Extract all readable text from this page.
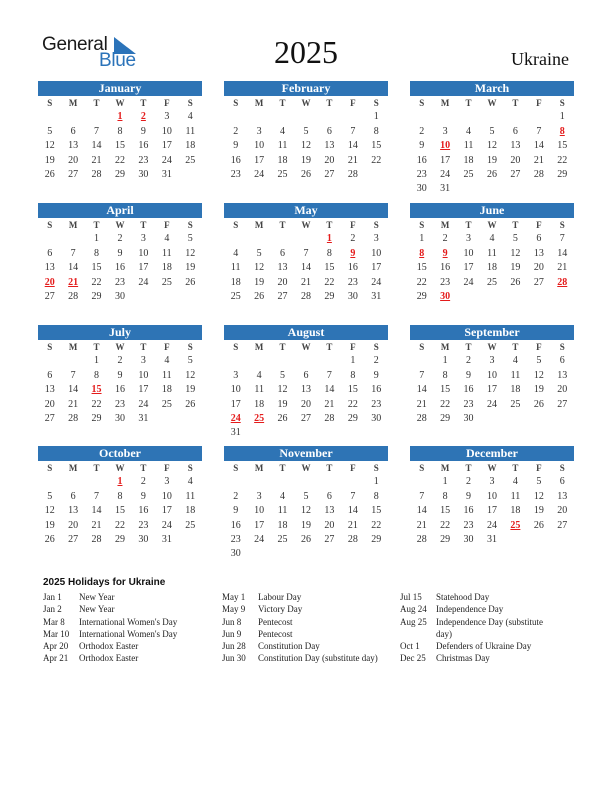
General
Blue	2025	Ukraine
January
S	M	T	W	T	F	S
			1	2	3	4
5	6	7	8	9	10	11
12	13	14	15	16	17	18
19	20	21	22	23	24	25
26	27	28	29	30	31	

February
S	M	T	W	T	F	S
						1
2	3	4	5	6	7	8
9	10	11	12	13	14	15
16	17	18	19	20	21	22
23	24	25	26	27	28	

March
S	M	T	W	T	F	S
						1
2	3	4	5	6	7	8
9	10	11	12	13	14	15
16	17	18	19	20	21	22
23	24	25	26	27	28	29
30	31					
April
S	M	T	W	T	F	S
		1	2	3	4	5
6	7	8	9	10	11	12
13	14	15	16	17	18	19
20	21	22	23	24	25	26
27	28	29	30			

May
S	M	T	W	T	F	S
				1	2	3
4	5	6	7	8	9	10
11	12	13	14	15	16	17
18	19	20	21	22	23	24
25	26	27	28	29	30	31

June
S	M	T	W	T	F	S
1	2	3	4	5	6	7
8	9	10	11	12	13	14
15	16	17	18	19	20	21
22	23	24	25	26	27	28
29	30					

July
S	M	T	W	T	F	S
		1	2	3	4	5
6	7	8	9	10	11	12
13	14	15	16	17	18	19
20	21	22	23	24	25	26
27	28	29	30	31		

August
S	M	T	W	T	F	S
					1	2
3	4	5	6	7	8	9
10	11	12	13	14	15	16
17	18	19	20	21	22	23
24	25	26	27	28	29	30
31						
September
S	M	T	W	T	F	S
	1	2	3	4	5	6
7	8	9	10	11	12	13
14	15	16	17	18	19	20
21	22	23	24	25	26	27
28	29	30				

October
S	M	T	W	T	F	S
			1	2	3	4
5	6	7	8	9	10	11
12	13	14	15	16	17	18
19	20	21	22	23	24	25
26	27	28	29	30	31	

November
S	M	T	W	T	F	S
						1
2	3	4	5	6	7	8
9	10	11	12	13	14	15
16	17	18	19	20	21	22
23	24	25	26	27	28	29
30						
December
S	M	T	W	T	F	S
	1	2	3	4	5	6
7	8	9	10	11	12	13
14	15	16	17	18	19	20
21	22	23	24	25	26	27
28	29	30	31			

2025 Holidays for Ukraine
Jan 1	New Year
Jan 2	New Year
Mar 8	International Women's Day
Mar 10	International Women's Day
Apr 20	Orthodox Easter
Apr 21	Orthodox Easter
May 1	Labour Day
May 9	Victory Day
Jun 8	Pentecost
Jun 9	Pentecost
Jun 28	Constitution Day
Jun 30	Constitution Day (substitute day)
Jul 15	Statehood Day
Aug 24	Independence Day
Aug 25	Independence Day (substitute day)
Oct 1	Defenders of Ukraine Day
Dec 25	Christmas Day
